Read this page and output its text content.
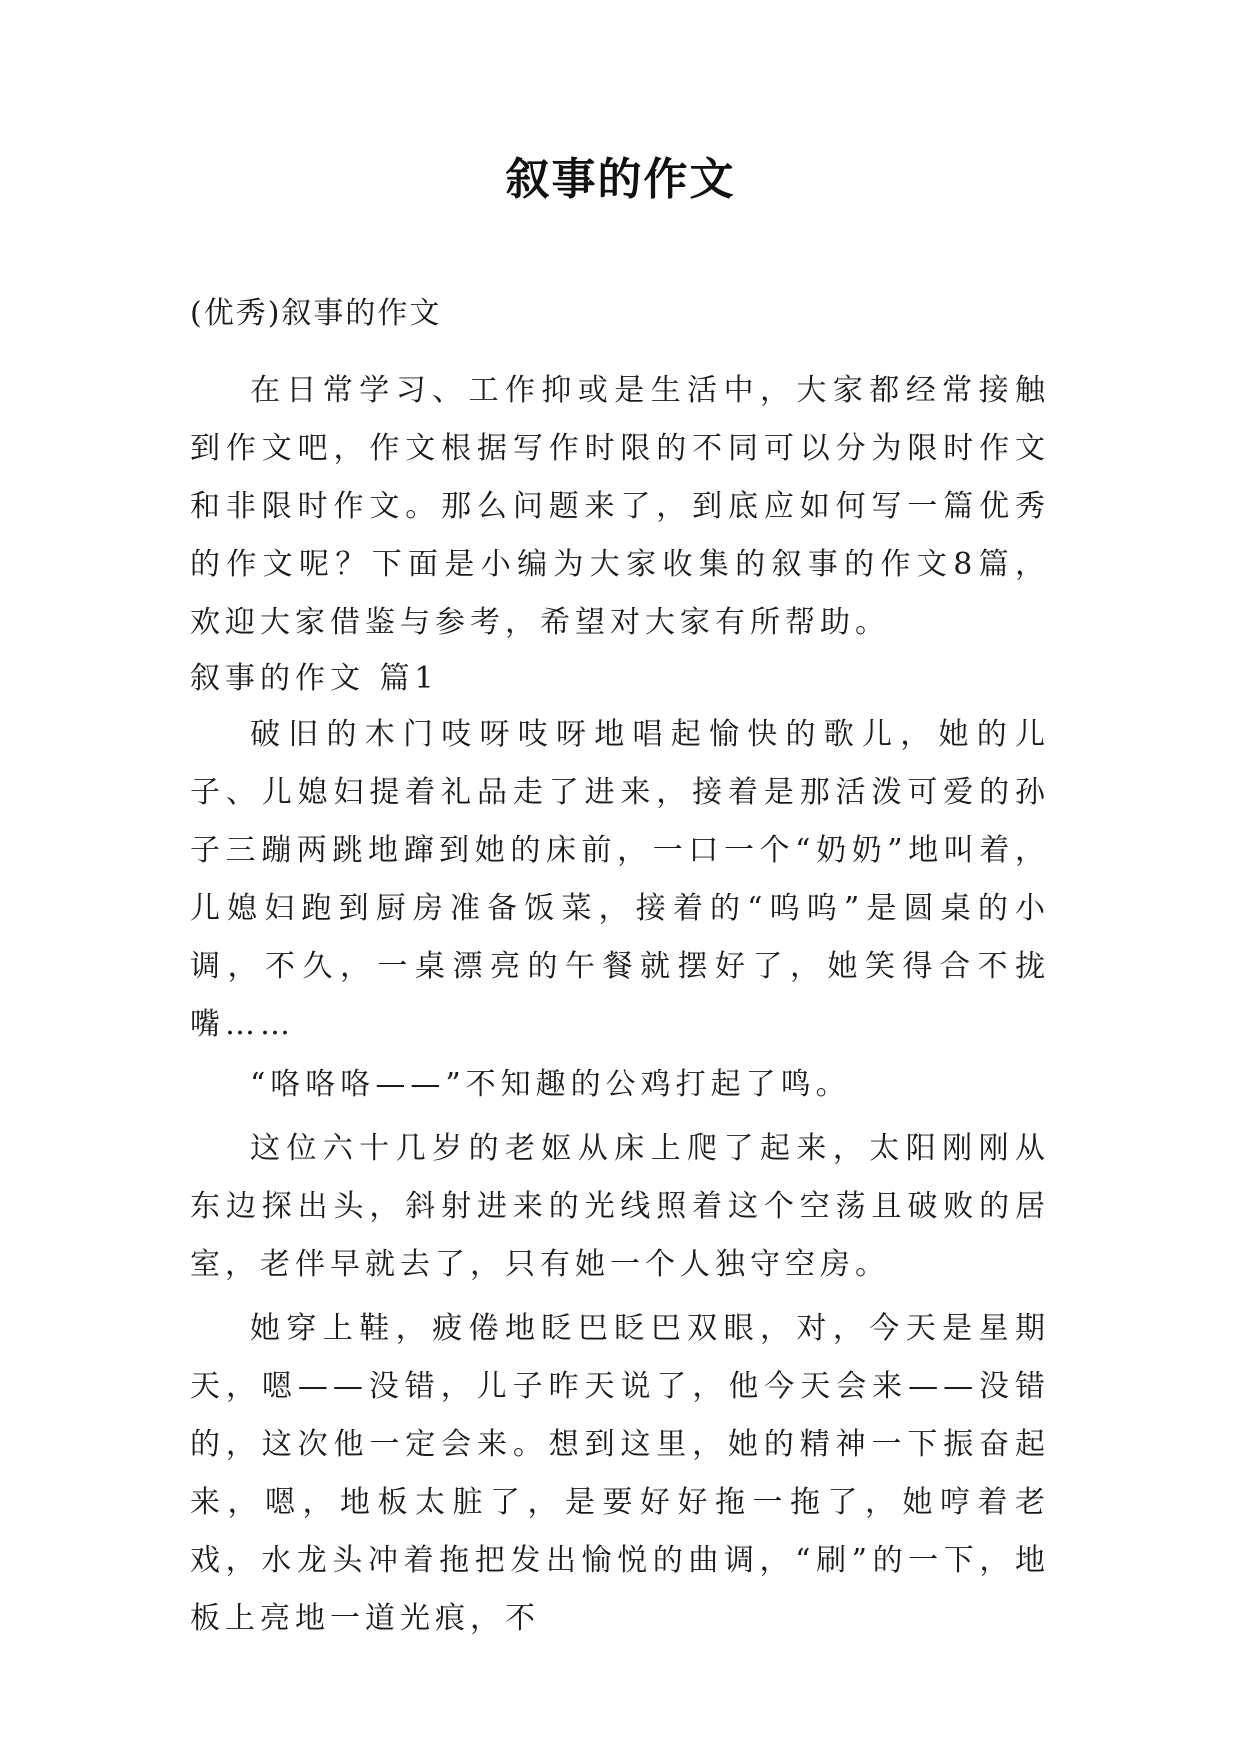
叙事的作文
(优秀)叙事的作文

在日常学习、工作抑或是生活中，大家都经常接触到作文吧，作文根据写作时限的不同可以分为限时作文和非限时作文。那么问题来了，到底应如何写一篇优秀的作文呢？下面是小编为大家收集的叙事的作文8篇，欢迎大家借鉴与参考，希望对大家有所帮助。

叙事的作文 篇1

破旧的木门吱呀吱呀地唱起愉快的歌儿，她的儿子、儿媳妇提着礼品走了进来，接着是那活泼可爱的孙子三蹦两跳地蹿到她的床前，一口一个“奶奶”地叫着，儿媳妇跑到厨房准备饭菜，接着的“呜呜”是圆桌的小调，不久，一桌漂亮的午餐就摆好了，她笑得合不拢嘴……

“咯咯咯——”不知趣的公鸡打起了鸣。

这位六十几岁的老妪从床上爬了起来，太阳刚刚从东边探出头，斜射进来的光线照着这个空荡且破败的居室，老伴早就去了，只有她一个人独守空房。

她穿上鞋，疲倦地眨巴眨巴双眼，对，今天是星期天，嗯——没错，儿子昨天说了，他今天会来——没错的，这次他一定会来。想到这里，她的精神一下振奋起来，嗯，地板太脏了，是要好好拖一拖了，她哼着老戏，水龙头冲着拖把发出愉悦的曲调，“刷”的一下，地板上亮地一道光痕，不
